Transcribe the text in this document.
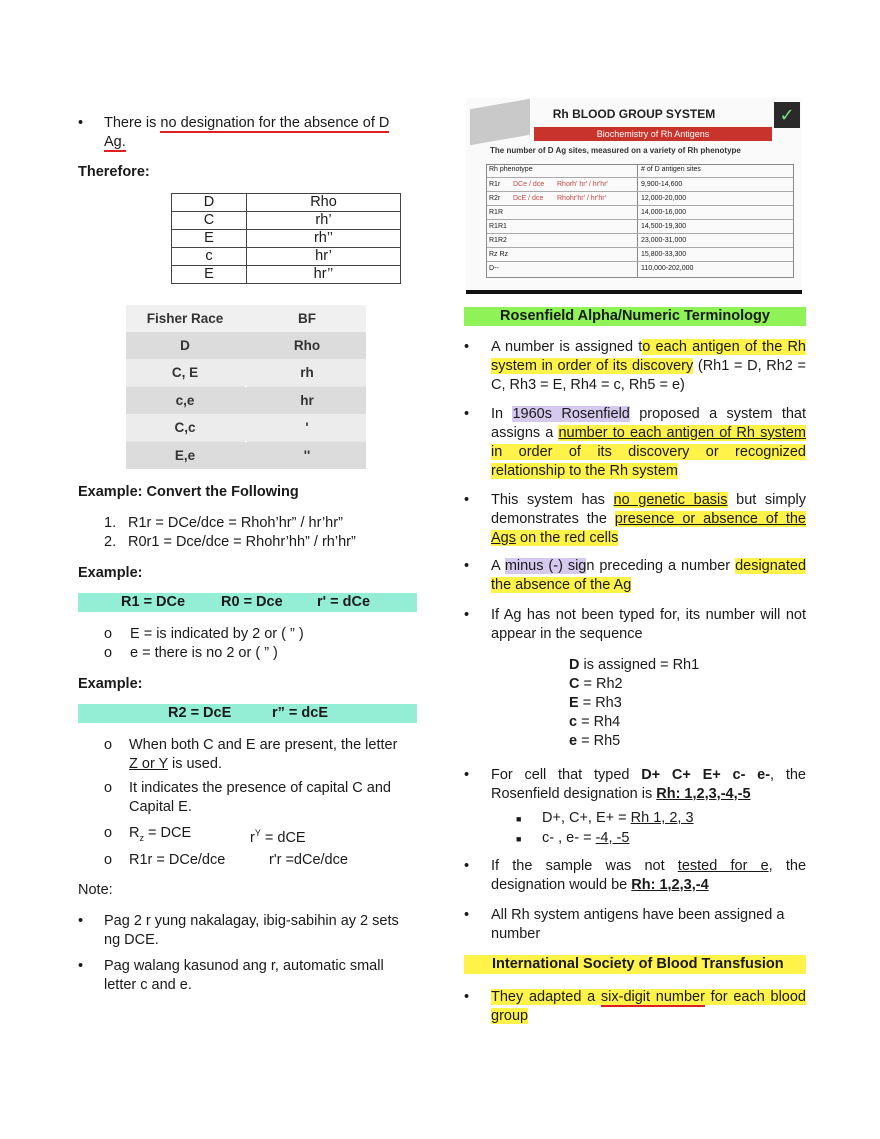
• There is no designation for the absence of D
Ag.
Therefore:
D	Rho
C	rh’
E	rh’’
c	hr’
E	hr’’
Example: Convert the Following
1. R1r = DCe/dce = Rhoh’hr” / hr’hr”
2. R0r1 = Dce/dce = Rhohr’hh” / rh’hr”
Example:
R1 = DCe R0 = Dce r' = dCe
o E = is indicated by 2 or ( ” )
o e = there is no 2 or ( ” )
Example:
R2 = DcE	r” = dcE
o When both C and E are present, the letter
Z or Y is used.
o It indicates the presence of capital C and Capital E.
o $R_z$ = DCE	$r^Y$ = dCE
o R1r = DCe/dce	r'r =dCe/dce
Note:
• Pag 2 r yung nakalagay, ibig-sabihin ay 2 sets ng DCE.
• Pag walang kasunod ang r, automatic small letter c and e.
Fisher Race	BF
D	Rho
C, E	rh
c,e	hr
C,c	'
E,e	''
✓
Rh BLOOD GROUP SYSTEM
Biochemistry of Rh Antigens
The number of D Ag sites, measured on a variety of Rh phenotype
Rh phenotype	# of D antigen sites
R1r DCe / dce Rhorh' hr' / hr'hr'	9,900-14,600
R2r DcE / dce Rhohr'hr' / hr'hr'	12,000-20,000
R1R	14,000-16,000
R1R1	14,500-19,300
R1R2	23,000-31,000
Rz Rz	15,800-33,300
D--	110,000-202,000
Rosenfield Alpha/Numeric Terminology
• A number is assigned to each antigen of the Rh system in order of its discovery (Rh1 = D, Rh2 = C, Rh3 = E, Rh4 = c, Rh5 = e)
• In 1960s Rosenfield proposed a system that assigns a number to each antigen of Rh system in order of its discovery or recognized relationship to the Rh system
• This system has no genetic basis but simply demonstrates the presence or absence of the Ags on the red cells
• A minus (-) sign preceding a number designated the absence of the Ag
• If Ag has not been typed for, its number will not appear in the sequence
D is assigned = Rh1
C = Rh2
E = Rh3
c = Rh4
e = Rh5
• For cell that typed D+ C+ E+ c- e-, the Rosenfield designation is Rh: 1,2,3,-4,-5
■ D+, C+, E+ = Rh 1, 2, 3
■ c- , e- = -4, -5
• If the sample was not tested for e, the designation would be Rh: 1,2,3,-4
• All Rh system antigens have been assigned a number
International Society of Blood Transfusion
• They adapted a six-digit number for each blood group
